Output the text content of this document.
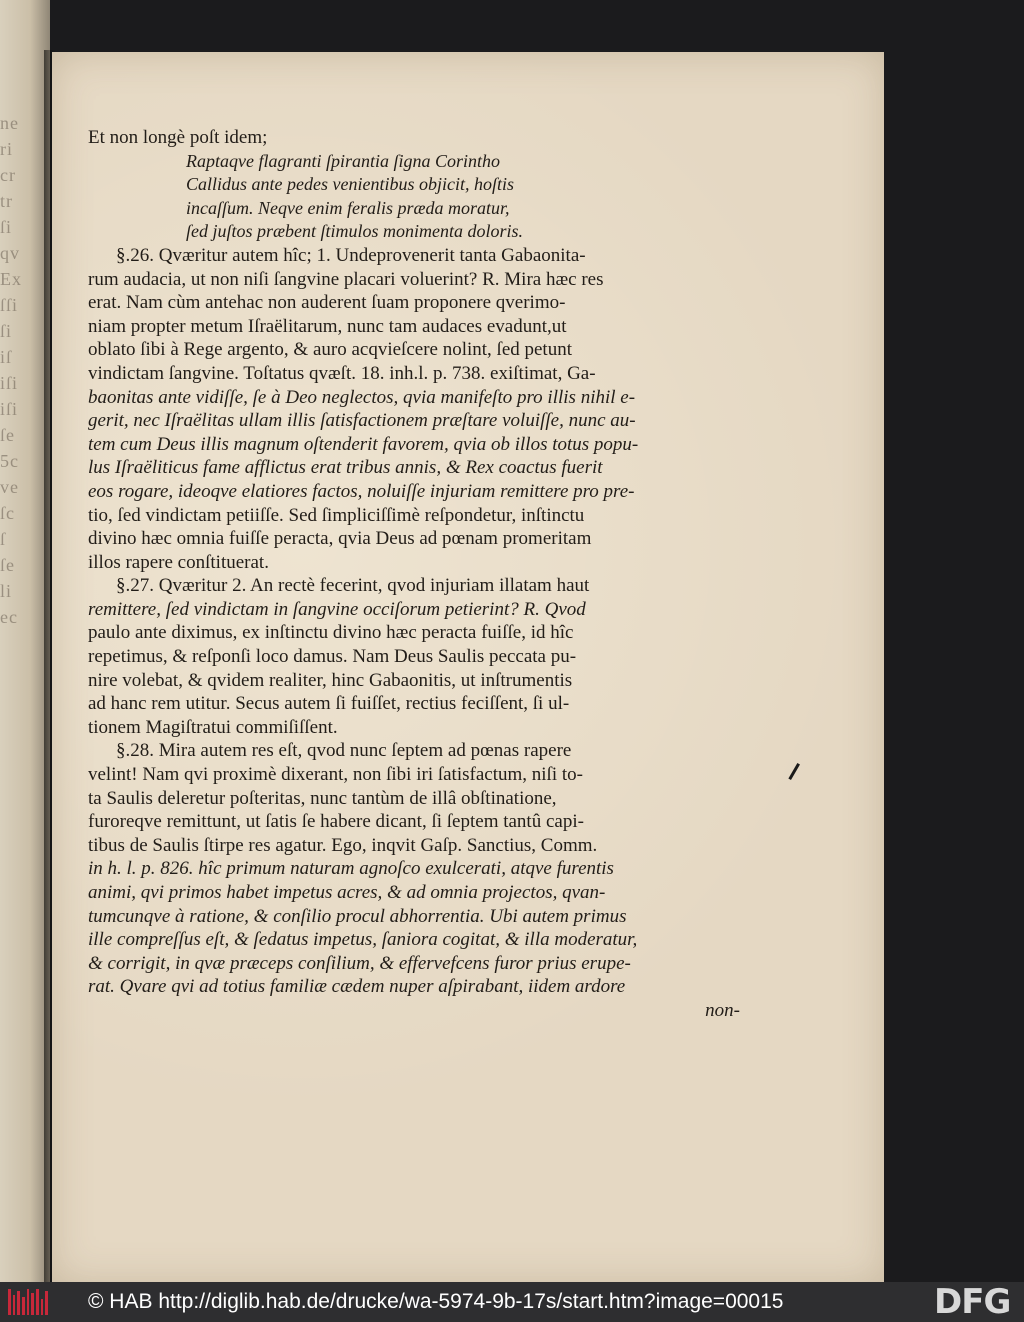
ne
ri
cr
tr
ſi
qv
Ex
ſſi
ſi
iſ
iſi
iſi
ſe
5c
ve
ſc
ſ
ſe
li
ec

Et non longè poſt idem;

Raptaqve flagranti ſpirantia ſigna Corintho

Callidus ante pedes venientibus objicit, hoſtis

incaſſum. Neqve enim feralis præda moratur,

ſed juſtos præbent ſtimulos monimenta doloris.

§.26. Qværitur autem hîc; 1. Undeprovenerit tanta Gabaonita-

rum audacia, ut non niſi ſangvine placari voluerint? R. Mira hæc res

erat. Nam cùm antehac non auderent ſuam proponere qverimo-

niam propter metum Iſraëlitarum, nunc tam audaces evadunt,ut

oblato ſibi à Rege argento, & auro acqvieſcere nolint, ſed petunt

vindictam ſangvine. Toſtatus qvæſt. 18. inh.l. p. 738. exiſtimat, Ga-

baonitas ante vidiſſe, ſe à Deo neglectos, qvia manifeſto pro illis nihil e-

gerit, nec Iſraëlitas ullam illis ſatisfactionem præſtare voluiſſe, nunc au-

tem cum Deus illis magnum oſtenderit favorem, qvia ob illos totus popu-

lus Iſraëliticus fame afflictus erat tribus annis, & Rex coactus fuerit

eos rogare, ideoqve elatiores factos, noluiſſe injuriam remittere pro pre-

tio, ſed vindictam petiiſſe. Sed ſimpliciſſimè reſpondetur, inſtinctu

divino hæc omnia fuiſſe peracta, qvia Deus ad pœnam promeritam

illos rapere conſtituerat.

§.27. Qværitur 2. An rectè fecerint, qvod injuriam illatam haut

remittere, ſed vindictam in ſangvine occiſorum petierint? R. Qvod

paulo ante diximus, ex inſtinctu divino hæc peracta fuiſſe, id hîc

repetimus, & reſponſi loco damus. Nam Deus Saulis peccata pu-

nire volebat, & qvidem realiter, hinc Gabaonitis, ut inſtrumentis

ad hanc rem utitur. Secus autem ſi fuiſſet, rectius feciſſent, ſi ul-

tionem Magiſtratui commiſiſſent.

§.28. Mira autem res eſt, qvod nunc ſeptem ad pœnas rapere

velint! Nam qvi proximè dixerant, non ſibi iri ſatisfactum, niſi to-

ta Saulis deleretur poſteritas, nunc tantùm de illâ obſtinatione,

furoreqve remittunt, ut ſatis ſe habere dicant, ſi ſeptem tantû capi-

tibus de Saulis ſtirpe res agatur. Ego, inqvit Gaſp. Sanctius, Comm.

in h. l. p. 826. hîc primum naturam agnoſco exulcerati, atqve furentis

animi, qvi primos habet impetus acres, & ad omnia projectos, qvan-

tumcunqve à ratione, & conſilio procul abhorrentia. Ubi autem primus

ille compreſſus eſt, & ſedatus impetus, ſaniora cogitat, & illa moderatur,

& corrigit, in qvæ præceps conſilium, & effervefcens furor prius erupe-

rat. Qvare qvi ad totius familiæ cædem nuper aſpirabant, iidem ardore

non-

© HAB http://diglib.hab.de/drucke/wa-5974-9b-17s/start.htm?image=00015	DFG
